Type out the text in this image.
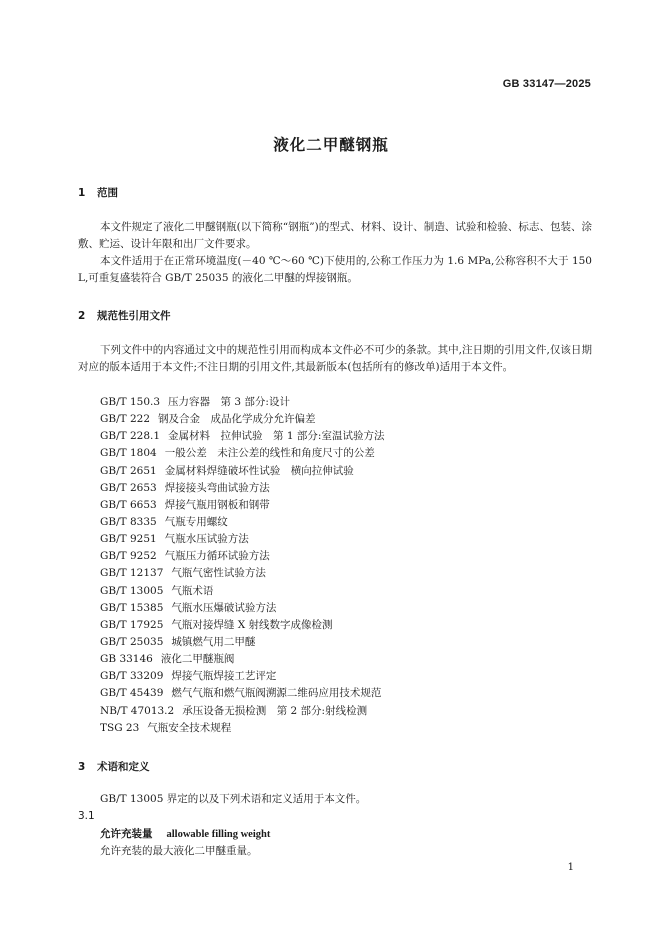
GB 33147—2025
液化二甲醚钢瓶
1 范围

本文件规定了液化二甲醚钢瓶(以下简称“钢瓶”)的型式、材料、设计、制造、试验和检验、标志、包装、涂敷、贮运、设计年限和出厂文件要求。

本文件适用于在正常环境温度(－40 ℃～60 ℃)下使用的,公称工作压力为 1.6 MPa,公称容积不大于 150 L,可重复盛装符合 GB/T 25035 的液化二甲醚的焊接钢瓶。

2 规范性引用文件

下列文件中的内容通过文中的规范性引用而构成本文件必不可少的条款。其中,注日期的引用文件,仅该日期对应的版本适用于本文件;不注日期的引用文件,其最新版本(包括所有的修改单)适用于本文件。

GB/T 150.3 压力容器　第 3 部分:设计
GB/T 222 钢及合金　成品化学成分允许偏差
GB/T 228.1 金属材料　拉伸试验　第 1 部分:室温试验方法
GB/T 1804 一般公差　未注公差的线性和角度尺寸的公差
GB/T 2651 金属材料焊缝破坏性试验　横向拉伸试验
GB/T 2653 焊接接头弯曲试验方法
GB/T 6653 焊接气瓶用钢板和钢带
GB/T 8335 气瓶专用螺纹
GB/T 9251 气瓶水压试验方法
GB/T 9252 气瓶压力循环试验方法
GB/T 12137 气瓶气密性试验方法
GB/T 13005 气瓶术语
GB/T 15385 气瓶水压爆破试验方法
GB/T 17925 气瓶对接焊缝 X 射线数字成像检测
GB/T 25035 城镇燃气用二甲醚
GB 33146 液化二甲醚瓶阀
GB/T 33209 焊接气瓶焊接工艺评定
GB/T 45439 燃气气瓶和燃气瓶阀溯源二维码应用技术规范
NB/T 47013.2 承压设备无损检测　第 2 部分:射线检测
TSG 23 气瓶安全技术规程
3 术语和定义

GB/T 13005 界定的以及下列术语和定义适用于本文件。

3.1
允许充装量 allowable filling weight
允许充装的最大液化二甲醚重量。
1
